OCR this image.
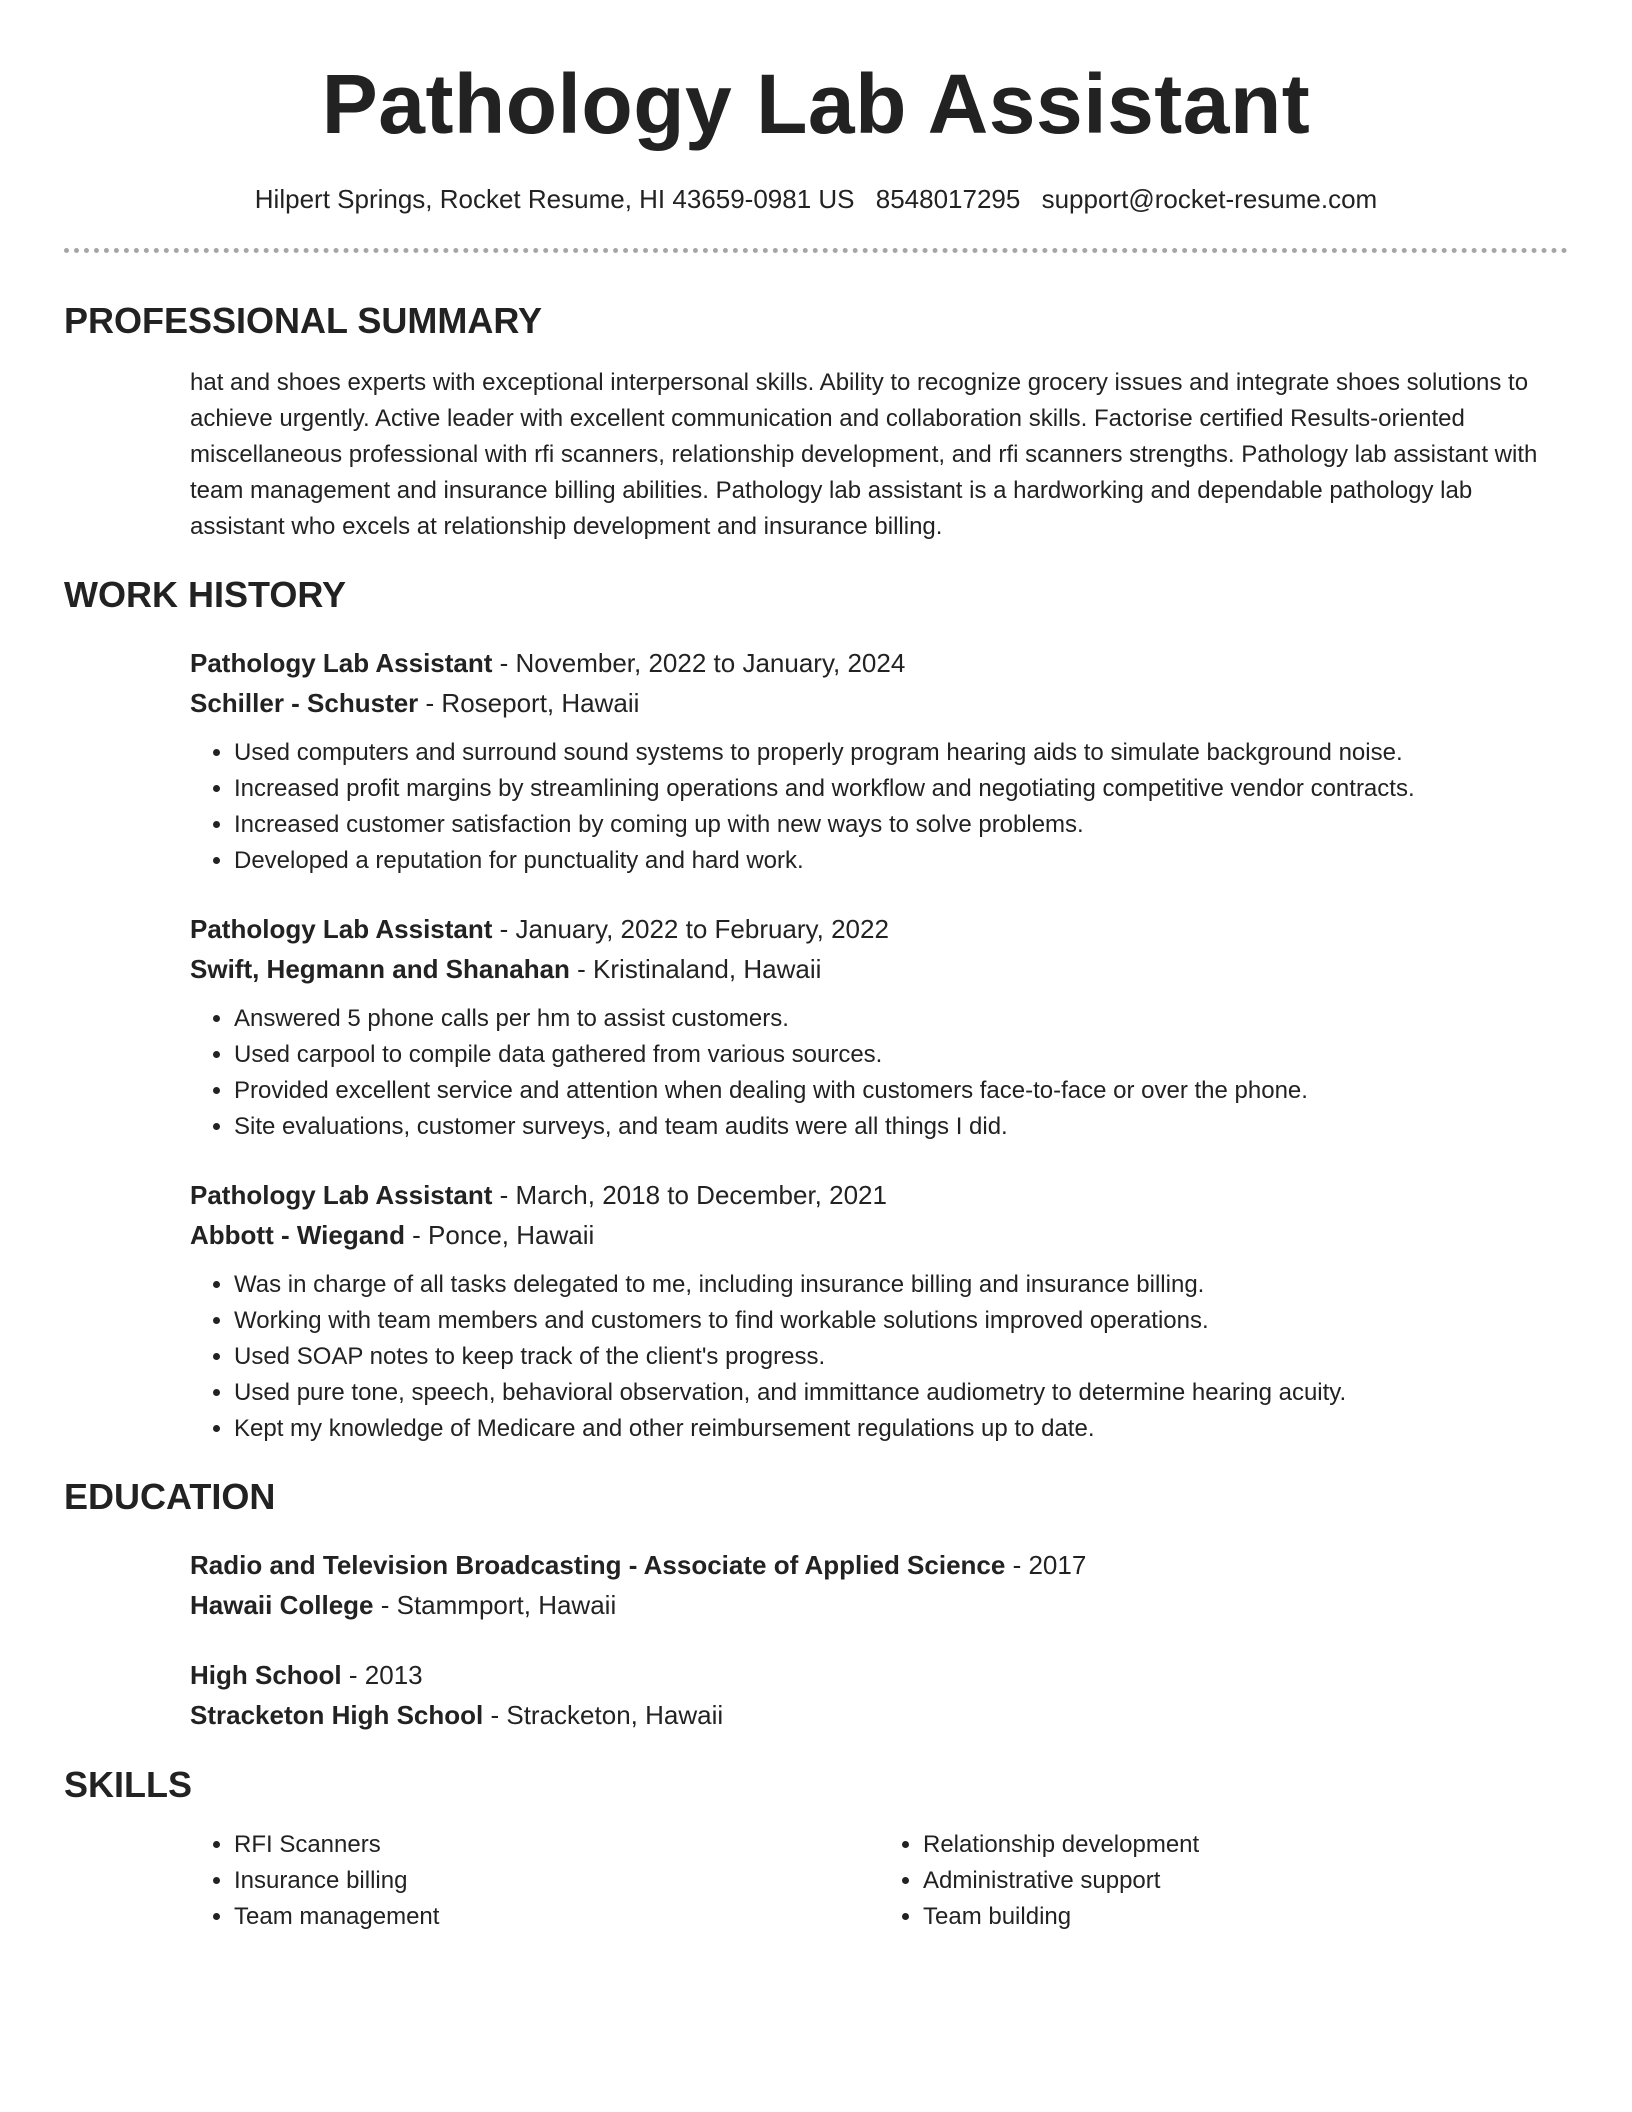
Pathology Lab Assistant
Hilpert Springs, Rocket Resume, HI 43659-0981 US 8548017295 support@rocket-resume.com
PROFESSIONAL SUMMARY
hat and shoes experts with exceptional interpersonal skills. Ability to recognize grocery issues and integrate shoes solutions to achieve urgently. Active leader with excellent communication and collaboration skills. Factorise certified Results-oriented miscellaneous professional with rfi scanners, relationship development, and rfi scanners strengths. Pathology lab assistant with team management and insurance billing abilities. Pathology lab assistant is a hardworking and dependable pathology lab assistant who excels at relationship development and insurance billing.
WORK HISTORY
Pathology Lab Assistant - November, 2022 to January, 2024
Schiller - Schuster - Roseport, Hawaii
• Used computers and surround sound systems to properly program hearing aids to simulate background noise.
• Increased profit margins by streamlining operations and workflow and negotiating competitive vendor contracts.
• Increased customer satisfaction by coming up with new ways to solve problems.
• Developed a reputation for punctuality and hard work.
Pathology Lab Assistant - January, 2022 to February, 2022
Swift, Hegmann and Shanahan - Kristinaland, Hawaii
• Answered 5 phone calls per hm to assist customers.
• Used carpool to compile data gathered from various sources.
• Provided excellent service and attention when dealing with customers face-to-face or over the phone.
• Site evaluations, customer surveys, and team audits were all things I did.
Pathology Lab Assistant - March, 2018 to December, 2021
Abbott - Wiegand - Ponce, Hawaii
• Was in charge of all tasks delegated to me, including insurance billing and insurance billing.
• Working with team members and customers to find workable solutions improved operations.
• Used SOAP notes to keep track of the client's progress.
• Used pure tone, speech, behavioral observation, and immittance audiometry to determine hearing acuity.
• Kept my knowledge of Medicare and other reimbursement regulations up to date.
EDUCATION
Radio and Television Broadcasting - Associate of Applied Science - 2017
Hawaii College - Stammport, Hawaii
High School - 2013
Stracketon High School - Stracketon, Hawaii
SKILLS
• RFI Scanners
• Insurance billing
• Team management
• Relationship development
• Administrative support
• Team building
